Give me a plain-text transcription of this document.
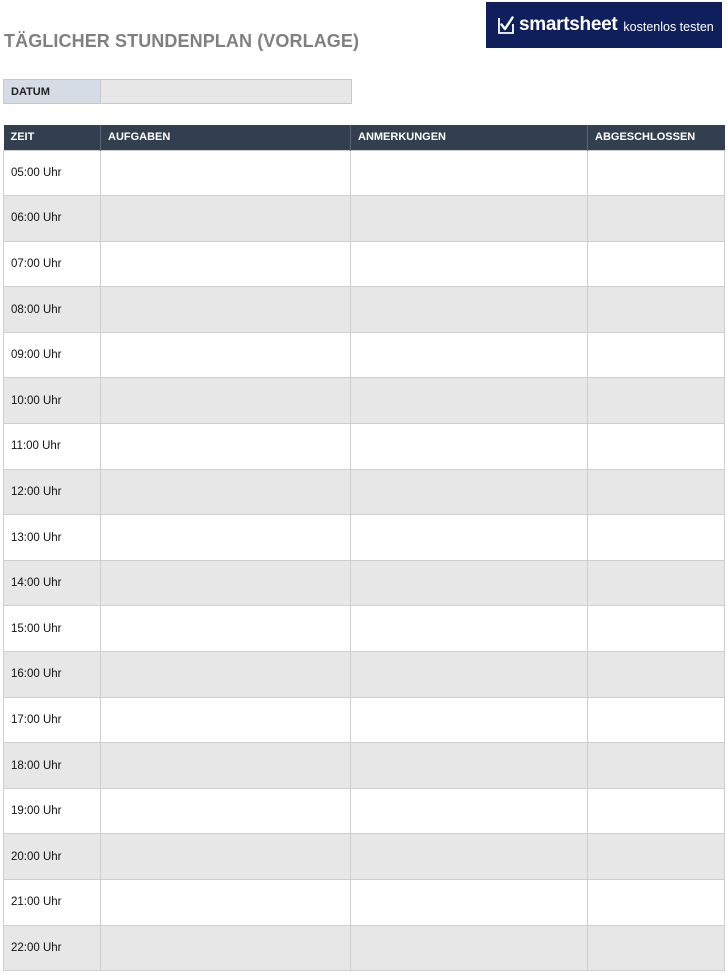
TÄGLICHER STUNDENPLAN (VORLAGE)
smartsheet kostenlos testen
DATUM
ZEIT	AUFGABEN	ANMERKUNGEN	ABGESCHLOSSEN
05:00 Uhr			
06:00 Uhr			
07:00 Uhr			
08:00 Uhr			
09:00 Uhr			
10:00 Uhr			
11:00 Uhr			
12:00 Uhr			
13:00 Uhr			
14:00 Uhr			
15:00 Uhr			
16:00 Uhr			
17:00 Uhr			
18:00 Uhr			
19:00 Uhr			
20:00 Uhr			
21:00 Uhr			
22:00 Uhr			
